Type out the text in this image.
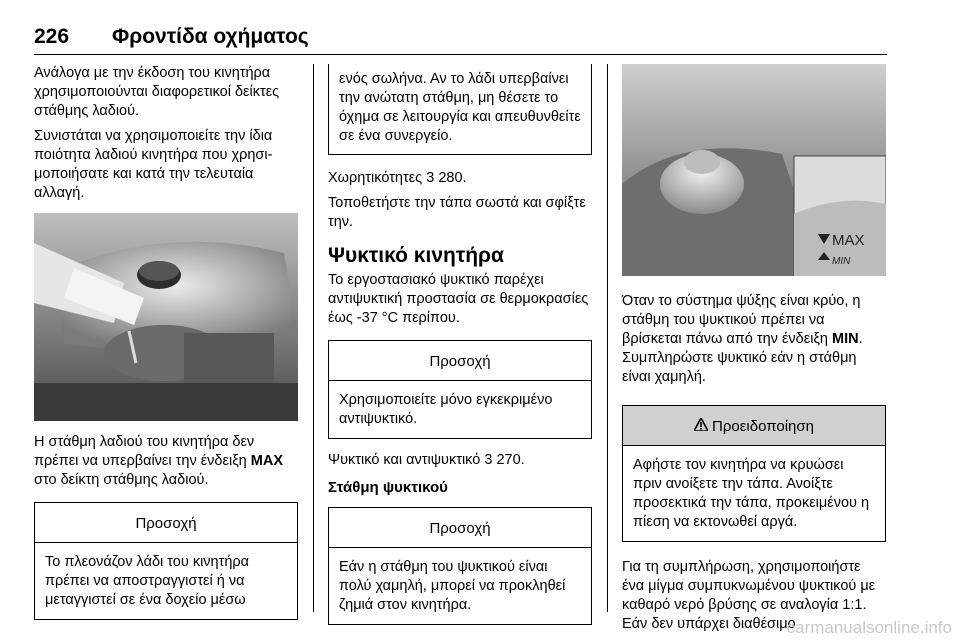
226 Φροντίδα οχήματος

Ανάλογα με την έκδοση του κινητήρα χρησιμοποιούνται διαφορετικοί δείκτες στάθμης λαδιού.

Συνιστάται να χρησιμοποιείτε την ίδια ποιότητα λαδιού κινητήρα που χρησιμοποιήσατε και κατά την τελευταία αλλαγή.

Η στάθμη λαδιού του κινητήρα δεν πρέπει να υπερβαίνει την ένδειξη MAX στο δείκτη στάθμης λαδιού.

Προσοχή
Το πλεονάζον λάδι του κινητήρα πρέπει να αποστραγγιστεί ή να μεταγγιστεί σε ένα δοχείο μέσω
ενός σωλήνα. Αν το λάδι υπερβαίνει την ανώτατη στάθμη, μη θέσετε το όχημα σε λειτουργία και απευθυνθείτε σε ένα συνεργείο.

Χωρητικότητες 3 280.

Τοποθετήστε την τάπα σωστά και σφίξτε την.

Ψυκτικό κινητήρα

Το εργοστασιακό ψυκτικό παρέχει αντιψυκτική προστασία σε θερμοκρασίες έως -37 °C περίπου.

Προσοχή
Χρησιμοποιείτε μόνο εγκεκριμένο αντιψυκτικό.

Ψυκτικό και αντιψυκτικό 3 270.

Στάθμη ψυκτικού
Προσοχή
Εάν η στάθμη του ψυκτικού είναι πολύ χαμηλή, μπορεί να προκληθεί ζημιά στον κινητήρα.
MAX
MIN

Όταν το σύστημα ψύξης είναι κρύο, η στάθμη του ψυκτικού πρέπει να βρίσκεται πάνω από την ένδειξη MIN. Συμπληρώστε ψυκτικό εάν η στάθμη είναι χαμηλή.

Προειδοποίηση
Αφήστε τον κινητήρα να κρυώσει πριν ανοίξετε την τάπα. Ανοίξτε προσεκτικά την τάπα, προκειμένου η πίεση να εκτονωθεί αργά.

Για τη συμπλήρωση, χρησιμοποιήστε ένα μίγμα συμπυκνωμένου ψυκτικού με καθαρό νερό βρύσης σε αναλογία 1:1. Εάν δεν υπάρχει διαθέσιμο

carmanualsonline.info
